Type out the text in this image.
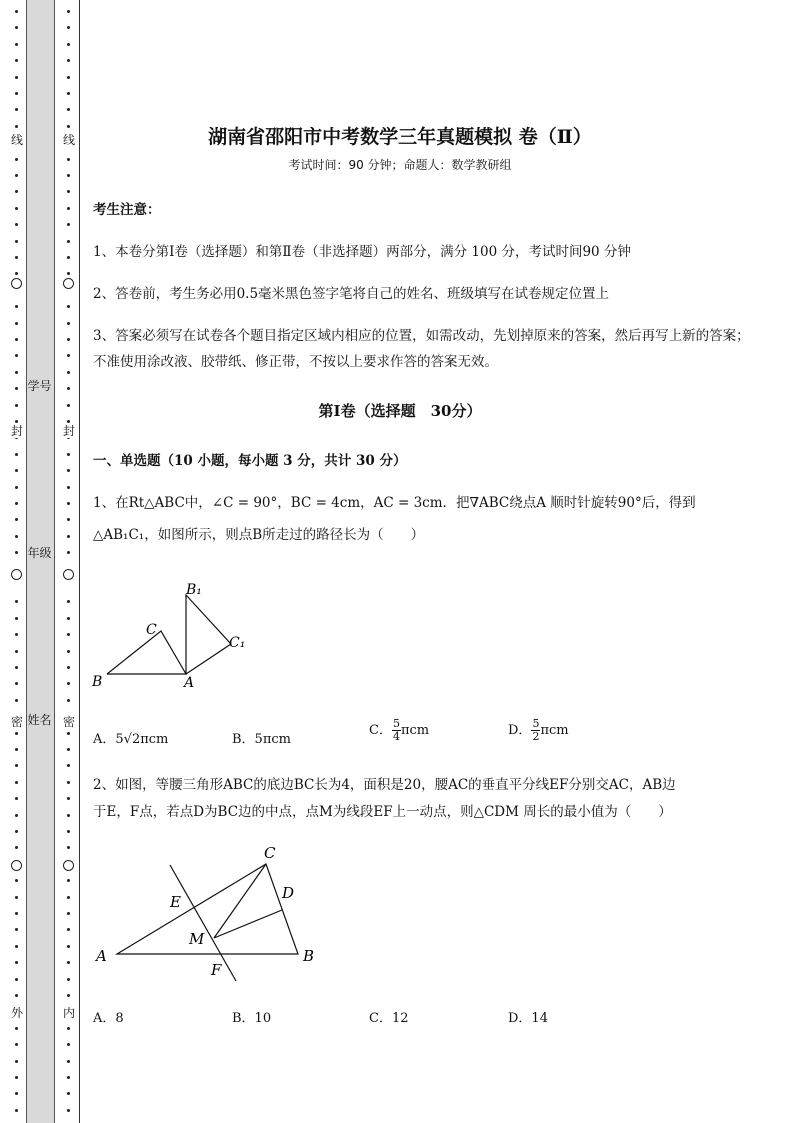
线
封
密
外
线
封
密
内
学号
年级
姓名
湖南省邵阳市中考数学三年真题模拟 卷（Ⅱ）
考试时间：90 分钟；命题人：数学教研组
考生注意：
1、本卷分第Ⅰ卷（选择题）和第Ⅱ卷（非选择题）两部分，满分 100 分，考试时间90 分钟
2、答卷前，考生务必用0.5毫米黑色签字笔将自己的姓名、班级填写在试卷规定位置上
3、答案必须写在试卷各个题目指定区域内相应的位置，如需改动，先划掉原来的答案，然后再写上新的答案；不准使用涂改液、胶带纸、修正带，不按以上要求作答的答案无效。
第Ⅰ卷（选择题　30分）
一、单选题（10 小题，每小题 3 分，共计 30 分）
1、在Rt△ABC中，∠C = 90°，BC = 4cm，AC = 3cm．把∇ABC绕点A 顺时针旋转90°后，得到
△AB₁C₁，如图所示，则点B所走过的路径长为（　　）
B₁
C
C₁
B	A
A．5√2πcm	B．5πcm
C． $\frac{5}{4}$ πcm	D． $\frac{5}{2}$ πcm
2、如图，等腰三角形ABC的底边BC长为4，面积是20，腰AC的垂直平分线EF分别交AC，AB边
于E，F点，若点D为BC边的中点，点M为线段EF上一动点，则△CDM 周长的最小值为（　　）
C
E	D
M
A
F
B
A．8	B．10	C．12	D．14
